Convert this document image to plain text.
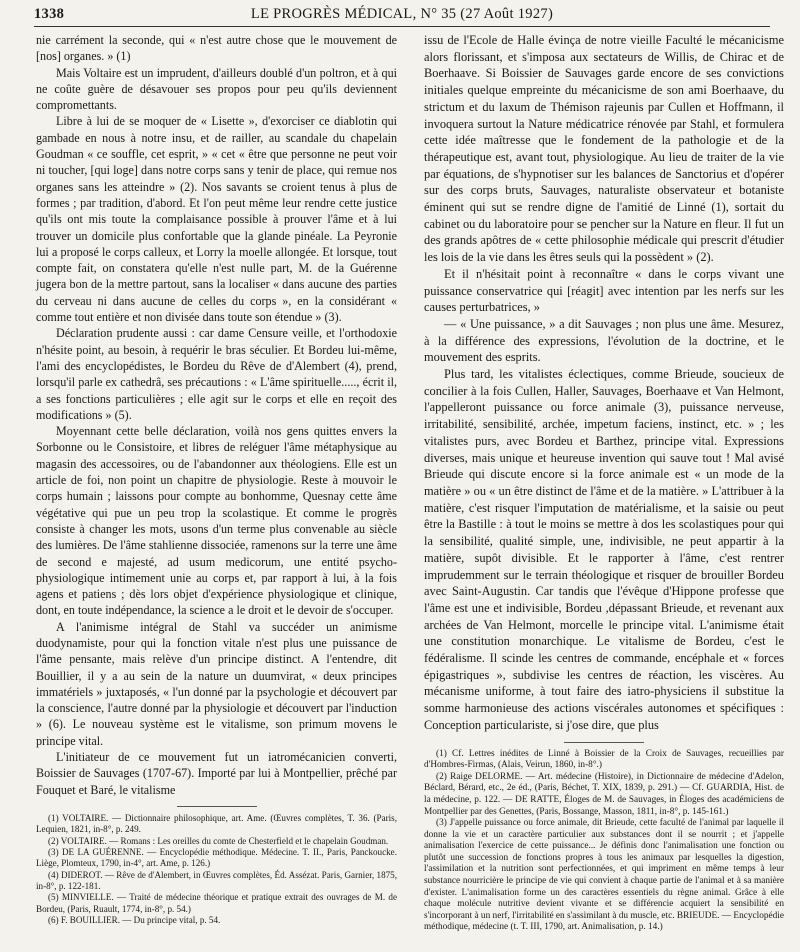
1338	LE PROGRÈS MÉDICAL, N° 35 (27 Août 1927)

nie carrément la seconde, qui « n'est autre chose que le mouvement de [nos] organes. » (1)

Mais Voltaire est un imprudent, d'ailleurs doublé d'un poltron, et à qui ne coûte guère de désavouer ses propos pour peu qu'ils deviennent compromettants.

Libre à lui de se moquer de « Lisette », d'exorciser ce diablotin qui gambade en nous à notre insu, et de railler, au scandale du chapelain Goudman « ce souffle, cet esprit, » « cet « être que personne ne peut voir ni toucher, [qui loge] dans notre corps sans y tenir de place, qui remue nos organes sans les atteindre » (2). Nos savants se croient tenus à plus de formes ; par tradition, d'abord. Et l'on peut même leur rendre cette justice qu'ils ont mis toute la complaisance possible à prouver l'âme et à lui trouver un domicile plus confortable que la glande pinéale. La Peyronie lui a proposé le corps calleux, et Lorry la moelle allongée. Et lorsque, tout compte fait, on constatera qu'elle n'est nulle part, M. de la Guérenne jugera bon de la mettre partout, sans la localiser « dans aucune des parties du cerveau ni dans aucune de celles du corps », en la considérant « comme tout entière et non divisée dans toute son étendue » (3).

Déclaration prudente aussi : car dame Censure veille, et l'orthodoxie n'hésite point, au besoin, à requérir le bras séculier. Et Bordeu lui-même, l'ami des encyclopédistes, le Bordeu du Rêve de d'Alembert (4), prend, lorsqu'il parle ex cathedrâ, ses précautions : « L'âme spirituelle....., écrit il, a ses fonctions particulières ; elle agit sur le corps et elle en reçoit des modifications » (5).

Moyennant cette belle déclaration, voilà nos gens quittes envers la Sorbonne ou le Consistoire, et libres de reléguer l'âme métaphysique au magasin des accessoires, ou de l'abandonner aux théologiens. Elle est un article de foi, non point un chapitre de physiologie. Reste à mouvoir le corps humain ; laissons pour compte au bonhomme, Quesnay cette âme végétative qui pue un peu trop la scolastique. Et comme le progrès consiste à changer les mots, usons d'un terme plus convenable au siècle des lumières. De l'âme stahlienne dissociée, ramenons sur la terre une âme de second e majesté, ad usum medicorum, une entité psycho-physiologique intimement unie au corps et, par rapport à lui, à la fois agens et patiens ; dès lors objet d'expérience physiologique et clinique, dont, en toute indépendance, la science a le droit et le devoir de s'occuper.

A l'animisme intégral de Stahl va succéder un animisme duodynamiste, pour qui la fonction vitale n'est plus une puissance de l'âme pensante, mais relève d'un principe distinct. A l'entendre, dit Bouillier, il y a au sein de la nature un duumvirat, « deux principes immatériels » juxtaposés, « l'un donné par la psychologie et découvert par la conscience, l'autre donné par la physiologie et découvert par l'induction » (6). Le nouveau système est le vitalisme, son primum movens le principe vital.

L'initiateur de ce mouvement fut un iatromécanicien converti, Boissier de Sauvages (1707-67). Importé par lui à Montpellier, prêché par Fouquet et Baré, le vitalisme

(1) VOLTAIRE. — Dictionnaire philosophique, art. Ame. (Œuvres complètes, T. 36. (Paris, Lequien, 1821, in-8°, p. 249.

(2) VOLTAIRE. — Romans : Les oreilles du comte de Chesterfield et le chapelain Goudman.

(3) DE LA GUÉRENNE. — Encyclopédie méthodique. Médecine. T. II., Paris, Panckoucke. Liège, Plomteux, 1790, in-4°, art. Ame, p. 126.)

(4) DIDEROT. — Rêve de d'Alembert, in Œuvres complètes, Éd. Assézat. Paris, Garnier, 1875, in-8°, p. 122-181.

(5) MINVIELLE. — Traité de médecine théorique et pratique extrait des ouvrages de M. de Bordeu, (Paris, Ruault, 1774, in-8°, p. 54.)

(6) F. BOUILLIER. — Du principe vital, p. 54.

issu de l'Ecole de Halle évinça de notre vieille Faculté le mécanicisme alors florissant, et s'imposa aux sectateurs de Willis, de Chirac et de Boerhaave. Si Boissier de Sauvages garde encore de ses convictions initiales quelque empreinte du mécanicisme de son ami Boerhaave, du strictum et du laxum de Thémison rajeunis par Cullen et Hoffmann, il invoquera surtout la Nature médicatrice rénovée par Stahl, et formulera cette idée maîtresse que le fondement de la pathologie et de la thérapeutique est, avant tout, physiologique. Au lieu de traiter de la vie par équations, de s'hypnotiser sur les balances de Sanctorius et d'opérer sur des corps bruts, Sauvages, naturaliste observateur et botaniste éminent qui sut se rendre digne de l'amitié de Linné (1), sortait du cabinet ou du laboratoire pour se pencher sur la Nature en fleur. Il fut un des grands apôtres de « cette philosophie médicale qui prescrit d'étudier les lois de la vie dans les êtres seuls qui la possèdent » (2).

Et il n'hésitait point à reconnaître « dans le corps vivant une puissance conservatrice qui [réagit] avec intention par les nerfs sur les causes perturbatrices, »

— « Une puissance, » a dit Sauvages ; non plus une âme. Mesurez, à la différence des expressions, l'évolution de la doctrine, et le mouvement des esprits.

Plus tard, les vitalistes éclectiques, comme Brieude, soucieux de concilier à la fois Cullen, Haller, Sauvages, Boerhaave et Van Helmont, l'appelleront puissance ou force animale (3), puissance nerveuse, irritabilité, sensibilité, archée, impetum faciens, instinct, etc. » ; les vitalistes purs, avec Bordeu et Barthez, principe vital. Expressions diverses, mais unique et heureuse invention qui sauve tout ! Mal avisé Brieude qui discute encore si la force animale est « un mode de la matière » ou « un être distinct de l'âme et de la matière. » L'attribuer à la matière, c'est risquer l'imputation de matérialisme, et la saisie ou peut être la Bastille : à tout le moins se mettre à dos les scolastiques pour qui la sensibilité, qualité simple, une, indivisible, ne peut appartir à la matière, supôt divisible. Et le rapporter à l'âme, c'est rentrer imprudemment sur le terrain théologique et risquer de brouiller Bordeu avec Saint-Augustin. Car tandis que l'évêque d'Hippone professe que l'âme est une et indivisible, Bordeu ,dépassant Brieude, et revenant aux archées de Van Helmont, morcelle le principe vital. L'animisme était une constitution monarchique. Le vitalisme de Bordeu, c'est le fédéralisme. Il scinde les centres de commande, encéphale et « forces épigastriques », subdivise les centres de réaction, les viscères. Au mécanisme uniforme, à tout faire des iatro-physiciens il substitue la somme harmonieuse des actions viscérales autonomes et spécifiques : Conception particulariste, si j'ose dire, que plus

(1) Cf. Lettres inédites de Linné à Boissier de la Croix de Sauvages, recueillies par d'Hombres-Firmas, (Alais, Veirun, 1860, in-8°.)

(2) Raige DELORME. — Art. médecine (Histoire), in Dictionnaire de médecine d'Adelon, Béclard, Bérard, etc., 2e éd., (Paris, Béchet, T. XIX, 1839, p. 291.) — Cf. GUARDIA, Hist. de la médecine, p. 122. — DE RATTE, Éloges de M. de Sauvages, in Éloges des académiciens de Montpellier par des Genettes, (Paris, Bossange, Masson, 1811, in-8°, p. 145-161.)

(3) J'appelle puissance ou force animale, dit Brieude, cette faculté de l'animal par laquelle il donne la vie et un caractère particulier aux substances dont il se nourrit ; et j'appelle animalisation l'exercice de cette puissance... Je définis donc l'animalisation une fonction ou plutôt une succession de fonctions propres à tous les animaux par lesquelles la digestion, l'assimilation et la nutrition sont perfectionnées, et qui impriment en même temps à leur substance nourricière le principe de vie qui convient à chaque partie de l'animal et à sa manière d'exister. L'animalisation forme un des caractères essentiels du règne animal. Grâce à elle chaque molécule nutritive devient vivante et se différencie acquiert la sensibilité en s'incorporant à un nerf, l'irritabilité en s'assimilant à du muscle, etc. BRIEUDE. — Encyclopédie méthodique, médecine (t. T. III, 1790, art. Animalisation, p. 14.)
